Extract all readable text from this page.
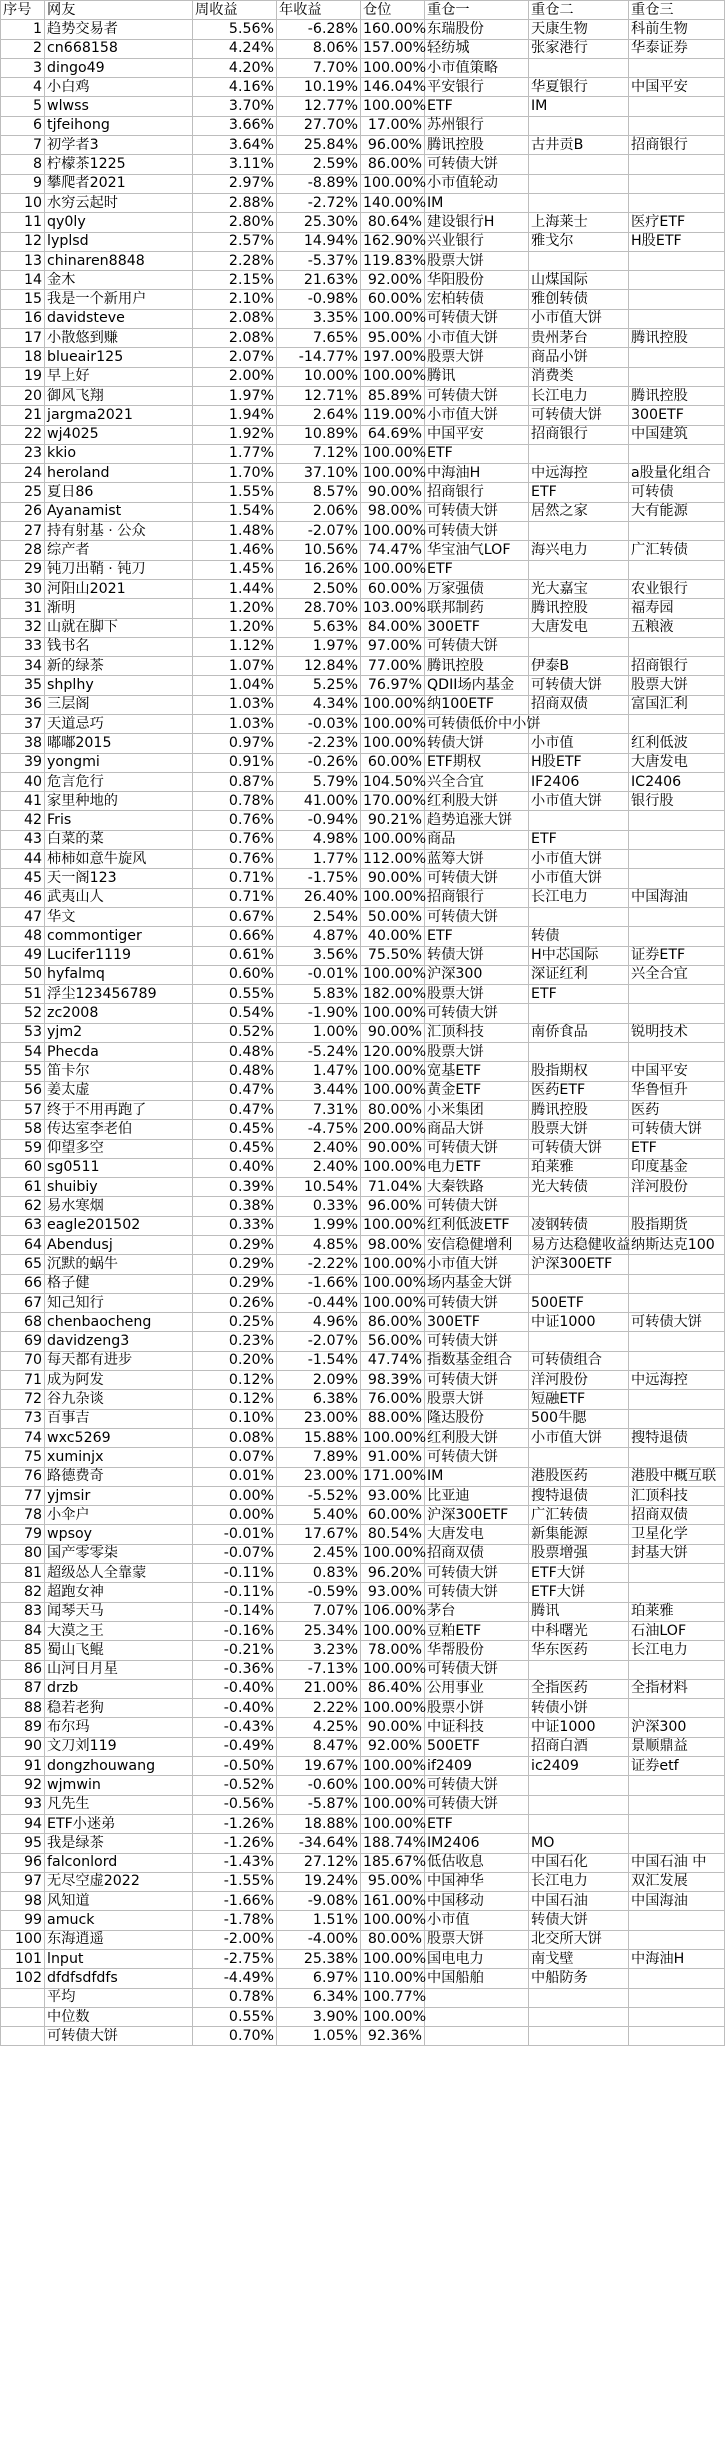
序号	网友	周收益	年收益	仓位	重仓一	重仓二	重仓三
1	趋势交易者	5.56%	-6.28%	160.00%	东瑞股份	天康生物	科前生物
2	cn668158	4.24%	8.06%	157.00%	轻纺城	张家港行	华泰证券
3	dingo49	4.20%	7.70%	100.00%	小市值策略		
4	小白鸡	4.16%	10.19%	146.04%	平安银行	华夏银行	中国平安
5	wlwss	3.70%	12.77%	100.00%	ETF	IM	
6	tjfeihong	3.66%	27.70%	17.00%	苏州银行		
7	初学者3	3.64%	25.84%	96.00%	腾讯控股	古井贡B	招商银行
8	柠檬茶1225	3.11%	2.59%	86.00%	可转债大饼		
9	攀爬者2021	2.97%	-8.89%	100.00%	小市值轮动		
10	水穷云起时	2.88%	-2.72%	140.00%	IM		
11	qy0ly	2.80%	25.30%	80.64%	建设银行H	上海莱士	医疗ETF
12	lyplsd	2.57%	14.94%	162.90%	兴业银行	雅戈尔	H股ETF
13	chinaren8848	2.28%	-5.37%	119.83%	股票大饼		
14	金木	2.15%	21.63%	92.00%	华阳股份	山煤国际	
15	我是一个新用户	2.10%	-0.98%	60.00%	宏柏转债	雅创转债	
16	davidsteve	2.08%	3.35%	100.00%	可转债大饼	小市值大饼	
17	小散悠到赚	2.08%	7.65%	95.00%	小市值大饼	贵州茅台	腾讯控股
18	blueair125	2.07%	-14.77%	197.00%	股票大饼	商品小饼	
19	早上好	2.00%	10.00%	100.00%	腾讯	消费类	
20	御风飞翔	1.97%	12.71%	85.89%	可转债大饼	长江电力	腾讯控股
21	jargma2021	1.94%	2.64%	119.00%	小市值大饼	可转债大饼	300ETF
22	wj4025	1.92%	10.89%	64.69%	中国平安	招商银行	中国建筑
23	kkio	1.77%	7.12%	100.00%	ETF		
24	heroland	1.70%	37.10%	100.00%	中海油H	中远海控	a股量化组合
25	夏日86	1.55%	8.57%	90.00%	招商银行	ETF	可转债
26	Ayanamist	1.54%	2.06%	98.00%	可转债大饼	居然之家	大有能源
27	持有射基 · 公众	1.48%	-2.07%	100.00%	可转债大饼		
28	综产者	1.46%	10.56%	74.47%	华宝油气LOF	海兴电力	广汇转债
29	钝刀出鞘 · 钝刀	1.45%	16.26%	100.00%	ETF		
30	河阳山2021	1.44%	2.50%	60.00%	万家强债	光大嘉宝	农业银行
31	渐明	1.20%	28.70%	103.00%	联邦制药	腾讯控股	福寿园
32	山就在脚下	1.20%	5.63%	84.00%	300ETF	大唐发电	五粮液
33	钱书名	1.12%	1.97%	97.00%	可转债大饼		
34	新的绿茶	1.07%	12.84%	77.00%	腾讯控股	伊泰B	招商银行
35	shplhy	1.04%	5.25%	76.97%	QDII场内基金	可转债大饼	股票大饼
36	三层阁	1.03%	4.34%	100.00%	纳100ETF	招商双债	富国汇利
37	天道忌巧	1.03%	-0.03%	100.00%	可转债低价中小饼		
38	嘟嘟2015	0.97%	-2.23%	100.00%	转债大饼	小市值	红利低波
39	yongmi	0.91%	-0.26%	60.00%	ETF期权	H股ETF	大唐发电
40	危言危行	0.87%	5.79%	104.50%	兴全合宜	IF2406	IC2406
41	家里种地的	0.78%	41.00%	170.00%	红利股大饼	小市值大饼	银行股
42	Fris	0.76%	-0.94%	90.21%	趋势追涨大饼		
43	白菜的菜	0.76%	4.98%	100.00%	商品	ETF	
44	柿柿如意牛旋风	0.76%	1.77%	112.00%	蓝筹大饼	小市值大饼	
45	天一阁123	0.71%	-1.75%	90.00%	可转债大饼	小市值大饼	
46	武夷山人	0.71%	26.40%	100.00%	招商银行	长江电力	中国海油
47	华文	0.67%	2.54%	50.00%	可转债大饼		
48	commontiger	0.66%	4.87%	40.00%	ETF	转债	
49	Lucifer1119	0.61%	3.56%	75.50%	转债大饼	H中芯国际	证券ETF
50	hyfalmq	0.60%	-0.01%	100.00%	沪深300	深证红利	兴全合宜
51	浮尘123456789	0.55%	5.83%	182.00%	股票大饼	ETF	
52	zc2008	0.54%	-1.90%	100.00%	可转债大饼		
53	yjm2	0.52%	1.00%	90.00%	汇顶科技	南侨食品	锐明技术
54	Phecda	0.48%	-5.24%	120.00%	股票大饼		
55	笛卡尔	0.48%	1.47%	100.00%	宽基ETF	股指期权	中国平安
56	姜太虚	0.47%	3.44%	100.00%	黄金ETF	医药ETF	华鲁恒升
57	终于不用再跑了	0.47%	7.31%	80.00%	小米集团	腾讯控股	医药
58	传达室李老伯	0.45%	-4.75%	200.00%	商品大饼	股票大饼	可转债大饼
59	仰望多空	0.45%	2.40%	90.00%	可转债大饼	可转债大饼	ETF
60	sg0511	0.40%	2.40%	100.00%	电力ETF	珀莱雅	印度基金
61	shuibiy	0.39%	10.54%	71.04%	大秦铁路	光大转债	洋河股份
62	易水寒烟	0.38%	0.33%	96.00%	可转债大饼		
63	eagle201502	0.33%	1.99%	100.00%	红利低波ETF	凌钢转债	股指期货
64	Abendusj	0.29%	4.85%	98.00%	安信稳健增利	易方达稳健收益	纳斯达克100
65	沉默的蜗牛	0.29%	-2.22%	100.00%	小市值大饼	沪深300ETF	
66	格子健	0.29%	-1.66%	100.00%	场内基金大饼		
67	知己知行	0.26%	-0.44%	100.00%	可转债大饼	500ETF	
68	chenbaocheng	0.25%	4.96%	86.00%	300ETF	中证1000	可转债大饼
69	davidzeng3	0.23%	-2.07%	56.00%	可转债大饼		
70	每天都有进步	0.20%	-1.54%	47.74%	指数基金组合	可转债组合	
71	成为阿发	0.12%	2.09%	98.39%	可转债大饼	洋河股份	中远海控
72	谷九杂谈	0.12%	6.38%	76.00%	股票大饼	短融ETF	
73	百事吉	0.10%	23.00%	88.00%	隆达股份	500牛腮	
74	wxc5269	0.08%	15.88%	100.00%	红利股大饼	小市值大饼	搜特退债
75	xuminjx	0.07%	7.89%	91.00%	可转债大饼		
76	路德费奇	0.01%	23.00%	171.00%	IM	港股医药	港股中概互联
77	yjmsir	0.00%	-5.52%	93.00%	比亚迪	搜特退债	汇顶科技
78	小伞户	0.00%	5.40%	60.00%	沪深300ETF	广汇转债	招商双债
79	wpsoy	-0.01%	17.67%	80.54%	大唐发电	新集能源	卫星化学
80	国产零零柒	-0.07%	2.45%	100.00%	招商双债	股票增强	封基大饼
81	超级怂人全靠蒙	-0.11%	0.83%	96.20%	可转债大饼	ETF大饼	
82	超跑女神	-0.11%	-0.59%	93.00%	可转债大饼	ETF大饼	
83	闻琴天马	-0.14%	7.07%	106.00%	茅台	腾讯	珀莱雅
84	大漠之王	-0.16%	25.34%	100.00%	豆粕ETF	中科曙光	石油LOF
85	蜀山飞鲲	-0.21%	3.23%	78.00%	华帮股份	华东医药	长江电力
86	山河日月星	-0.36%	-7.13%	100.00%	可转债大饼		
87	drzb	-0.40%	21.00%	86.40%	公用事业	全指医药	全指材料
88	稳若老狗	-0.40%	2.22%	100.00%	股票小饼	转债小饼	
89	布尔玛	-0.43%	4.25%	90.00%	中证科技	中证1000	沪深300
90	文刀刘119	-0.49%	8.47%	92.00%	500ETF	招商白酒	景顺鼎益
91	dongzhouwang	-0.50%	19.67%	100.00%	if2409	ic2409	证券etf
92	wjmwin	-0.52%	-0.60%	100.00%	可转债大饼		
93	凡先生	-0.56%	-5.87%	100.00%	可转债大饼		
94	ETF小迷弟	-1.26%	18.88%	100.00%	ETF		
95	我是绿茶	-1.26%	-34.64%	188.74%	IM2406	MO	
96	falconlord	-1.43%	27.12%	185.67%	低估收息	中国石化	中国石油 中
97	无尽空虚2022	-1.55%	19.24%	95.00%	中国神华	长江电力	双汇发展
98	风知道	-1.66%	-9.08%	161.00%	中国移动	中国石油	中国海油
99	amuck	-1.78%	1.51%	100.00%	小市值	转债大饼	
100	东海逍遥	-2.00%	-4.00%	80.00%	股票大饼	北交所大饼	
101	lnput	-2.75%	25.38%	100.00%	国电电力	南戈壁	中海油H
102	dfdfsdfdfs	-4.49%	6.97%	110.00%	中国船舶	中船防务	
	平均	0.78%	6.34%	100.77%			
	中位数	0.55%	3.90%	100.00%			
	可转债大饼	0.70%	1.05%	92.36%			
